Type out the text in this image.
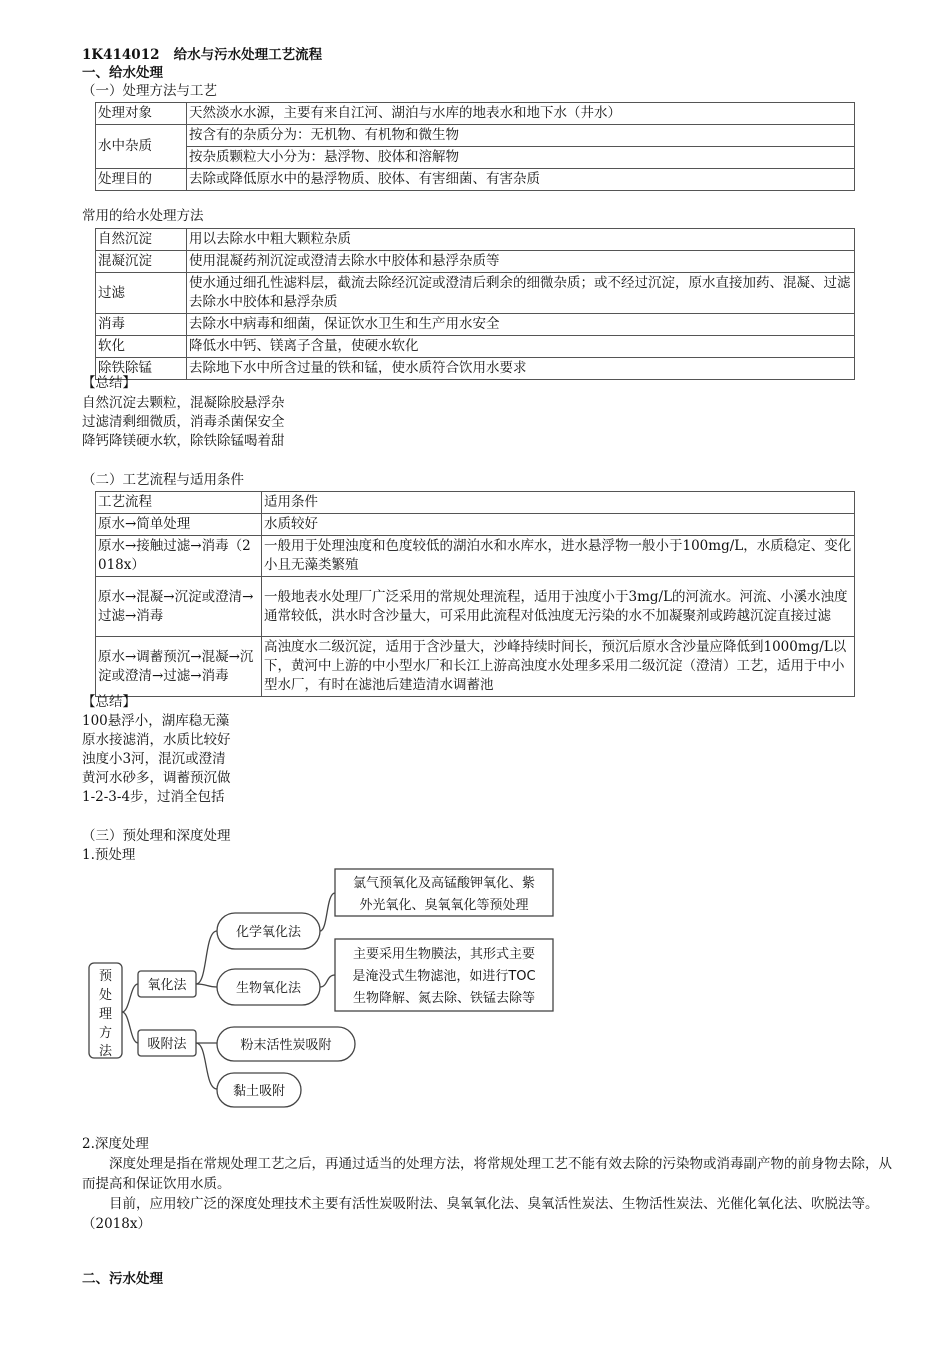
1K414012 给水与污水处理工艺流程
一、给水处理
（一）处理方法与工艺
处理对象	天然淡水水源，主要有来自江河、湖泊与水库的地表水和地下水（井水）
水中杂质	按含有的杂质分为：无机物、有机物和微生物
	按杂质颗粒大小分为：悬浮物、胶体和溶解物
处理目的	去除或降低原水中的悬浮物质、胶体、有害细菌、有害杂质
常用的给水处理方法
自然沉淀	用以去除水中粗大颗粒杂质
混凝沉淀	使用混凝药剂沉淀或澄清去除水中胶体和悬浮杂质等
过滤	使水通过细孔性滤料层，截流去除经沉淀或澄清后剩余的细微杂质；或不经过沉淀，原水直接加药、混凝、过滤去除水中胶体和悬浮杂质
消毒	去除水中病毒和细菌，保证饮水卫生和生产用水安全
软化	降低水中钙、镁离子含量，使硬水软化
除铁除锰	去除地下水中所含过量的铁和锰，使水质符合饮用水要求
【总结】
自然沉淀去颗粒，混凝除胶悬浮杂
过滤清剩细微质，消毒杀菌保安全
降钙降镁硬水软，除铁除锰喝着甜
（二）工艺流程与适用条件
工艺流程	适用条件
原水→简单处理	水质较好
原水→接触过滤→消毒（2018x）	一般用于处理浊度和色度较低的湖泊水和水库水，进水悬浮物一般小于100mg/L，水质稳定、变化小且无藻类繁殖
原水→混凝→沉淀或澄清→过滤→消毒	一般地表水处理厂广泛采用的常规处理流程，适用于浊度小于3mg/L的河流水。河流、小溪水浊度通常较低，洪水时含沙量大，可采用此流程对低浊度无污染的水不加凝聚剂或跨越沉淀直接过滤
原水→调蓄预沉→混凝→沉淀或澄清→过滤→消毒	高浊度水二级沉淀，适用于含沙量大，沙峰持续时间长，预沉后原水含沙量应降低到1000mg/L以下，黄河中上游的中小型水厂和长江上游高浊度水处理多采用二级沉淀（澄清）工艺，适用于中小型水厂，有时在滤池后建造清水调蓄池
【总结】
100悬浮小，湖库稳无藻
原水接滤消，水质比较好
浊度小3河，混沉或澄清
黄河水砂多，调蓄预沉做
1-2-3-4步，过消全包括
（三）预处理和深度处理
1.预处理
预
处
理
方
法
氧化法
吸附法
化学氧化法
生物氧化法
粉末活性炭吸附
黏土吸附
氯气预氧化及高锰酸钾氧化、紫
外光氧化、臭氧氧化等预处理
主要采用生物膜法，其形式主要
是淹没式生物滤池，如进行TOC
生物降解、氮去除、铁锰去除等
2.深度处理
深度处理是指在常规处理工艺之后，再通过适当的处理方法，将常规处理工艺不能有效去除的污染物或消毒副产物的前身物去除，从而提高和保证饮用水质。
目前，应用较广泛的深度处理技术主要有活性炭吸附法、臭氧氧化法、臭氧活性炭法、生物活性炭法、光催化氧化法、吹脱法等。（2018x）
二、污水处理
